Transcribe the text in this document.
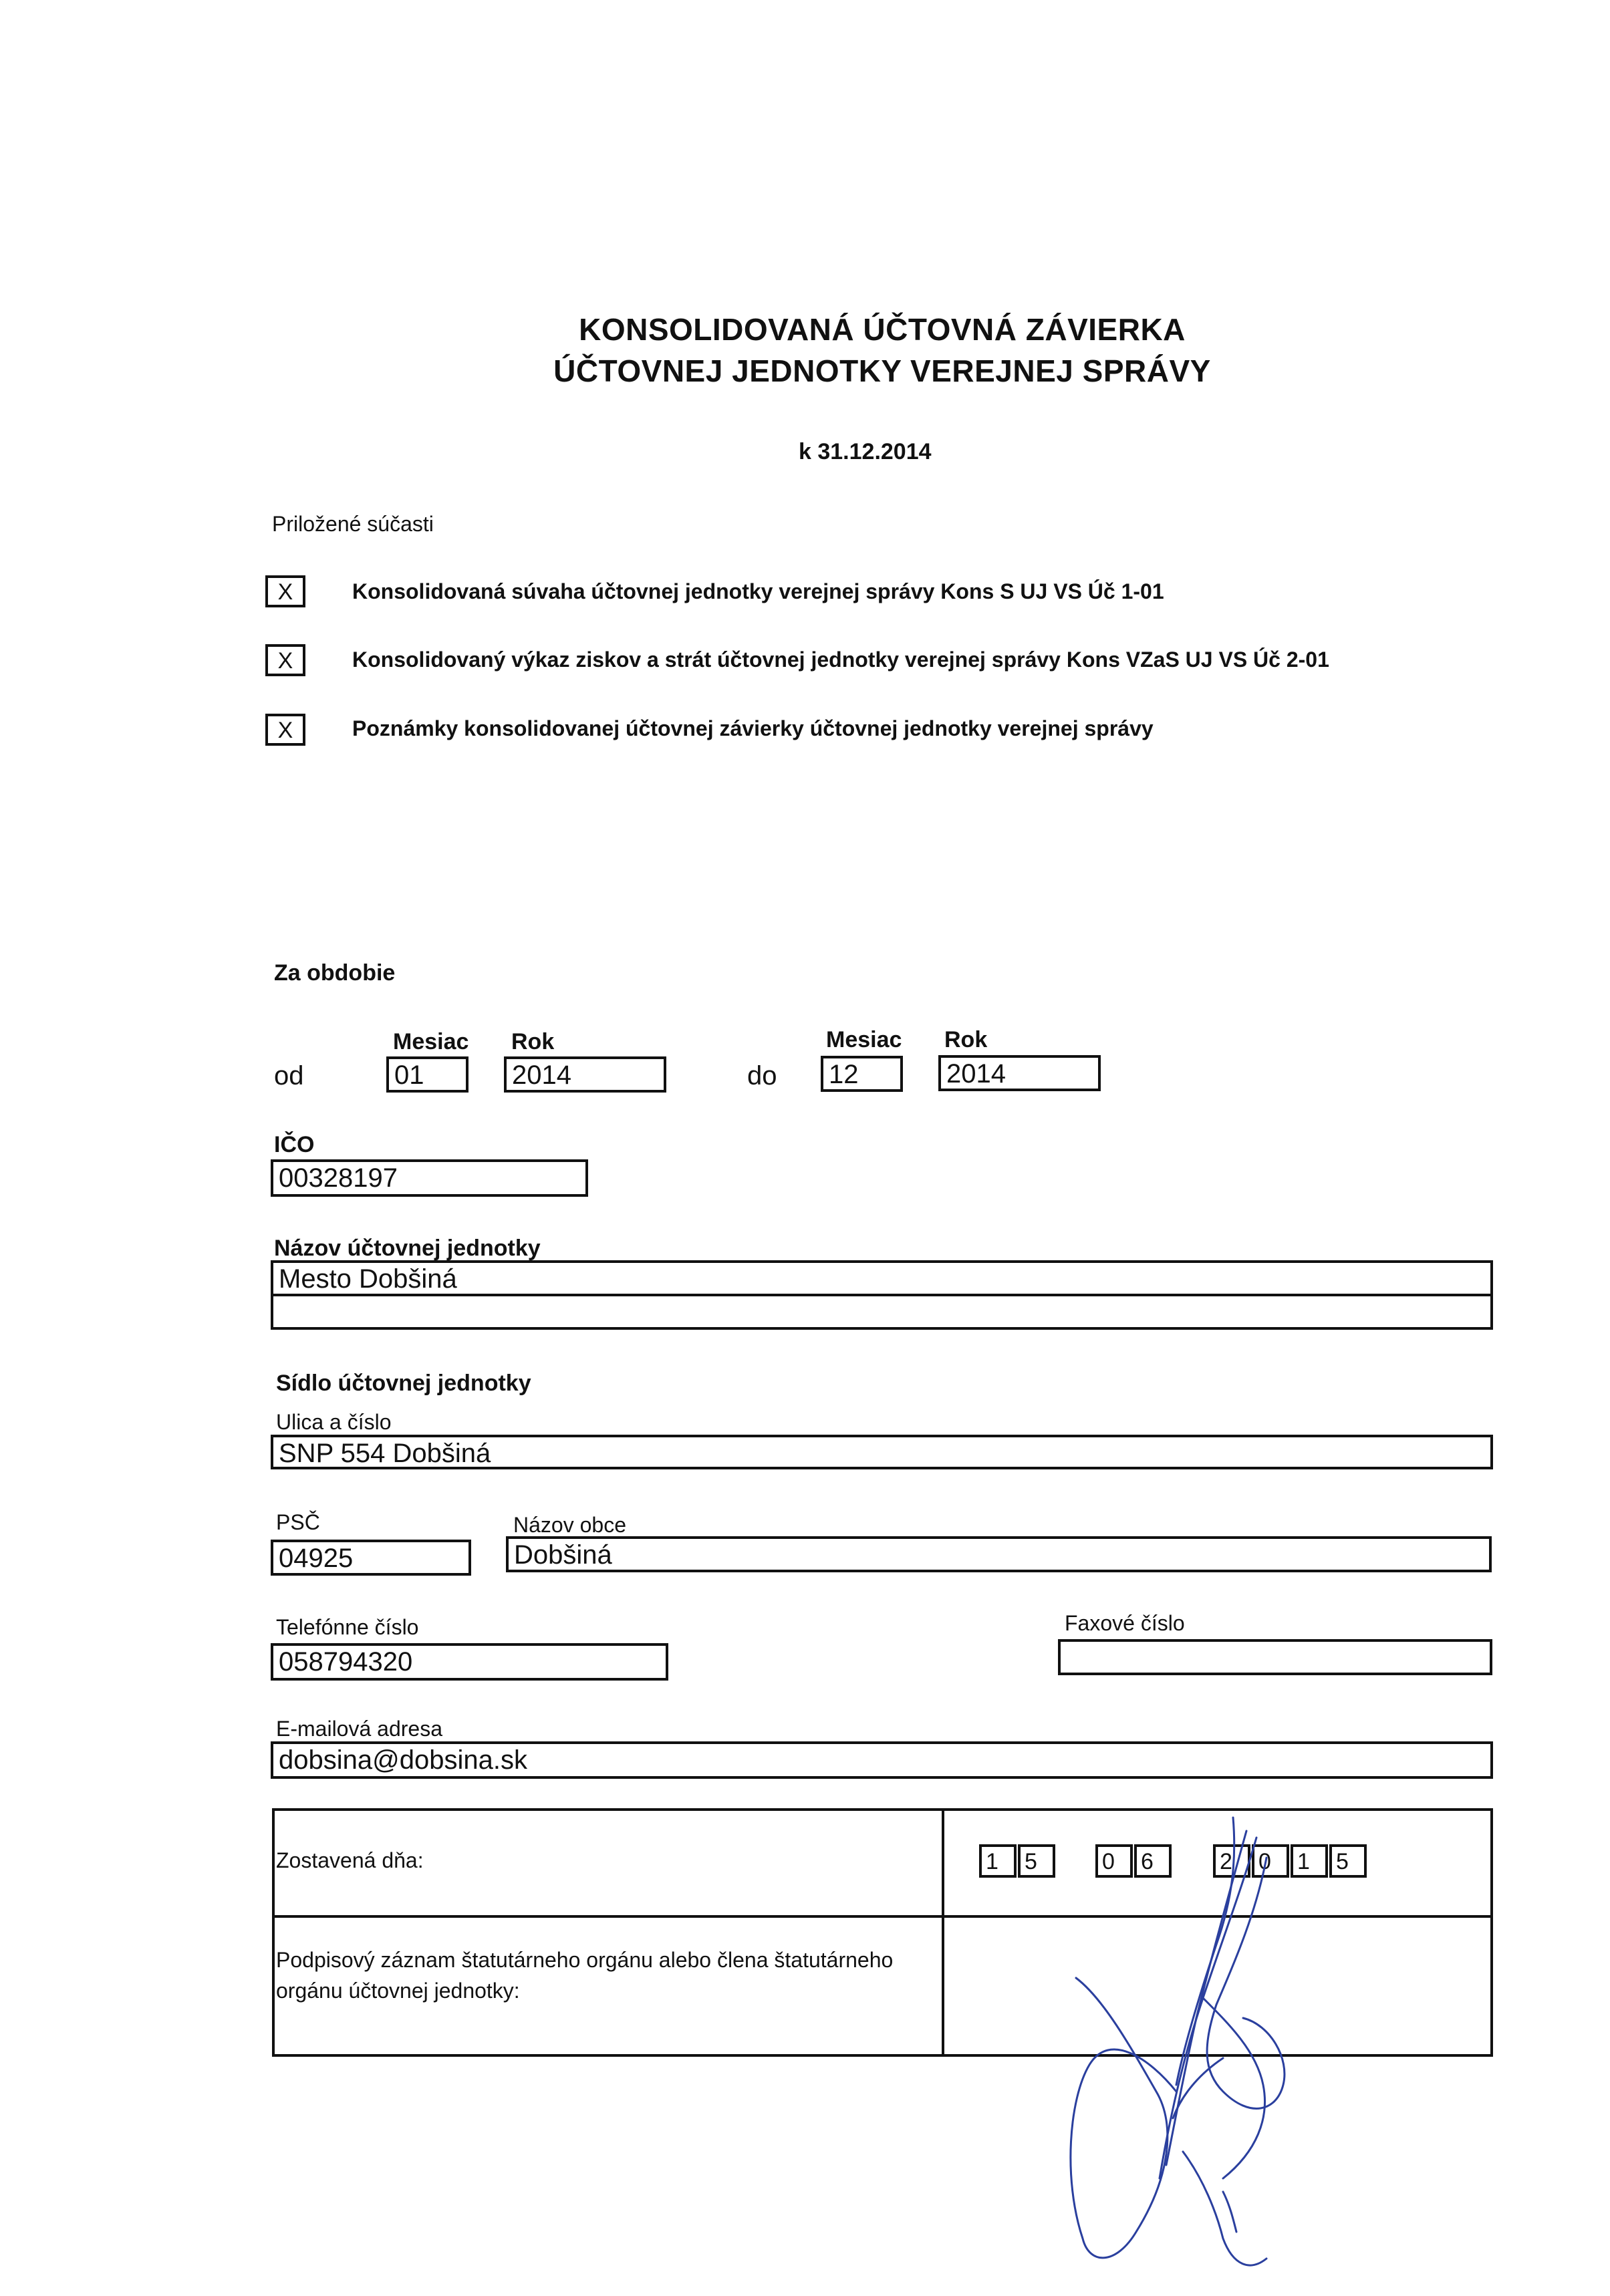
KONSOLIDOVANÁ ÚČTOVNÁ ZÁVIERKA
ÚČTOVNEJ JEDNOTKY VEREJNEJ SPRÁVY
k 31.12.2014
Priložené súčasti
X	Konsolidovaná súvaha účtovnej jednotky verejnej správy Kons S UJ VS Úč 1-01
X	Konsolidovaný výkaz ziskov a strát účtovnej jednotky verejnej správy Kons VZaS UJ VS Úč 2-01
X	Poznámky konsolidovanej účtovnej závierky účtovnej jednotky verejnej správy
Za obdobie
Mesiac Rok
od	01	2014
Mesiac Rok
do	12	2014
IČO
00328197
Názov účtovnej jednotky
Mesto Dobšiná
Sídlo účtovnej jednotky
Ulica a číslo
SNP 554 Dobšiná
PSČ	Názov obce
04925	Dobšiná
Telefónne číslo
058794320
Faxové číslo
E-mailová adresa
dobsina@dobsina.sk
Zostavená dňa:	1	5	0	6	2	0	1	5
Podpisový záznam štatutárneho orgánu alebo člena štatutárneho
orgánu účtovnej jednotky:
